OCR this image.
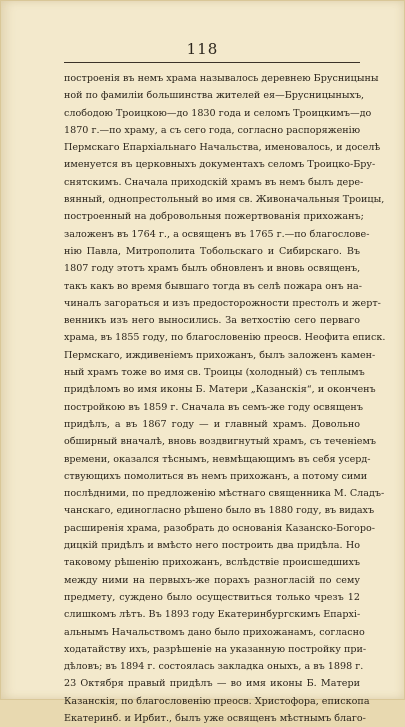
118
построенія въ немъ храма называлось деревнею Брусницыны
ной по фамиліи большинства жителей ея—Брусницыныхъ,
слободою Троицкою—до 1830 года и селомъ Троицкимъ—до
1870 г.—по храму, а съ сего года, согласно распоряженію
Пермскаго Епархіальнаго Начальства, именовалось, и доселѣ
именуется въ церковныхъ документахъ селомъ Троицко-Бру-
снятскимъ. Сначала приходскій храмъ въ немъ былъ дере-
вянный, однопрестольный во имя св. Живоначальныя Троицы,
построенный на добровольныя пожертвованія прихожанъ;
заложенъ въ 1764 г., а освященъ въ 1765 г.—по благослове-
нію Павла, Митрополита Тобольскаго и Сибирскаго. Въ
1807 году этотъ храмъ былъ обновленъ и вновь освященъ,
такъ какъ во время бывшаго тогда въ селѣ пожара онъ на-
чиналъ загораться и изъ предосторожности престолъ и жерт-
венникъ изъ него выносились. За ветхостію сего перваго
храма, въ 1855 году, по благословенію преосв. Неофита епиcк.
Пермскаго, иждивеніемъ прихожанъ, былъ заложенъ камен-
ный храмъ тоже во имя св. Троицы (холодный) съ теплымъ
придѣломъ во имя иконы Б. Матери „Казанскія“, и оконченъ
постройкою въ 1859 г. Сначала въ семъ-же году освященъ
придѣлъ, а въ 1867 году — и главный храмъ. Довольно
обширный вначалѣ, вновь воздвигнутый храмъ, съ теченіемъ
времени, оказался тѣснымъ, невмѣщающимъ въ себя усерд-
ствующихъ помолиться въ немъ прихожанъ, а потому сими
послѣдними, по предложенію мѣстнаго священника М. Сладъ-
чанскаго, единогласно рѣшено было въ 1880 году, въ видахъ
расширенія храма, разобрать до основанія Казанско-Богоро-
дицкій придѣлъ и вмѣсто него построить два придѣла. Но
таковому рѣшенію прихожанъ, вслѣдствіе происшедшихъ
между ними на первыхъ-же порахъ разногласій по сему
предмету, суждено было осуществиться только чрезъ 12
слишкомъ лѣтъ. Въ 1893 году Екатеринбургскимъ Епархі-
альнымъ Начальствомъ дано было прихожанамъ, согласно
ходатайству ихъ, разрѣшеніе на указанную постройку при-
дѣловъ; въ 1894 г. состоялась закладка оныхъ, а въ 1898 г.
23 Октября правый придѣлъ — во имя иконы Б. Матери
Казанскія, по благословенію преосв. Христофора, епископа
Екатеринб. и Ирбит., былъ уже освященъ мѣстнымъ благо-
